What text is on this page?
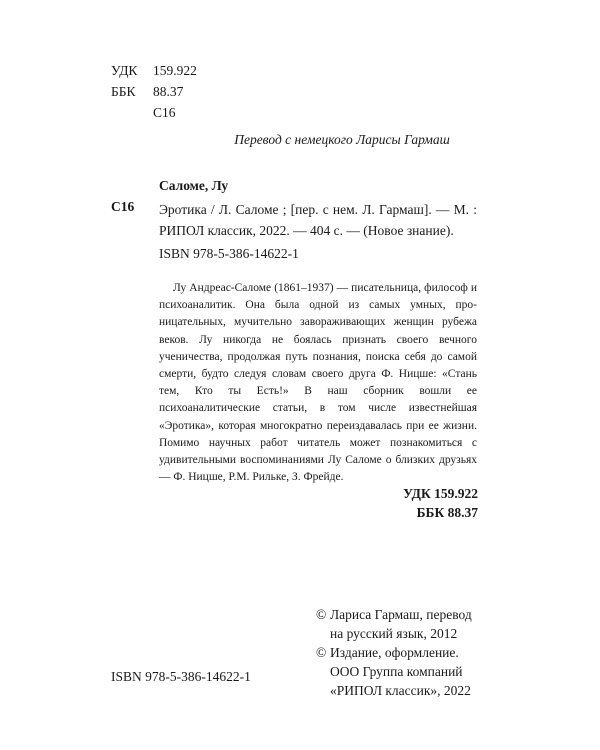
УДК	159.922
ББК	88.37
С16
Перевод с немецкого Ларисы Гармаш
Саломе, Лу
С16 Эротика / Л. Саломе ; [пер. с нем. Л. Гармаш]. — М. : РИПОЛ классик, 2022. — 404 с. — (Новое знание).
ISBN 978-5-386-14622-1
Лу Андреас-Саломе (1861–1937) — писательница, философ и психоаналитик. Она была одной из самых умных, проницательных, мучительно завораживающих женщин рубежа веков. Лу никогда не боялась признать своего вечного ученичества, продолжая путь познания, поиска себя до самой смерти, будто следуя словам своего друга Ф. Ницше: «Стань тем, Кто ты Есть!» В наш сборник вошли ее психоаналитические статьи, в том числе известнейшая «Эротика», которая многократно переиздавалась при ее жизни. Помимо научных работ читатель может познакомиться с удивительными воспоминаниями Лу Саломе о близких друзьях — Ф. Ницше, Р.М. Рильке, З. Фрейде.
УДК 159.922
ББК 88.37
© Лариса Гармаш, перевод
на русский язык, 2012
© Издание, оформление.
ООО Группа компаний
«РИПОЛ классик», 2022
ISBN 978-5-386-14622-1
